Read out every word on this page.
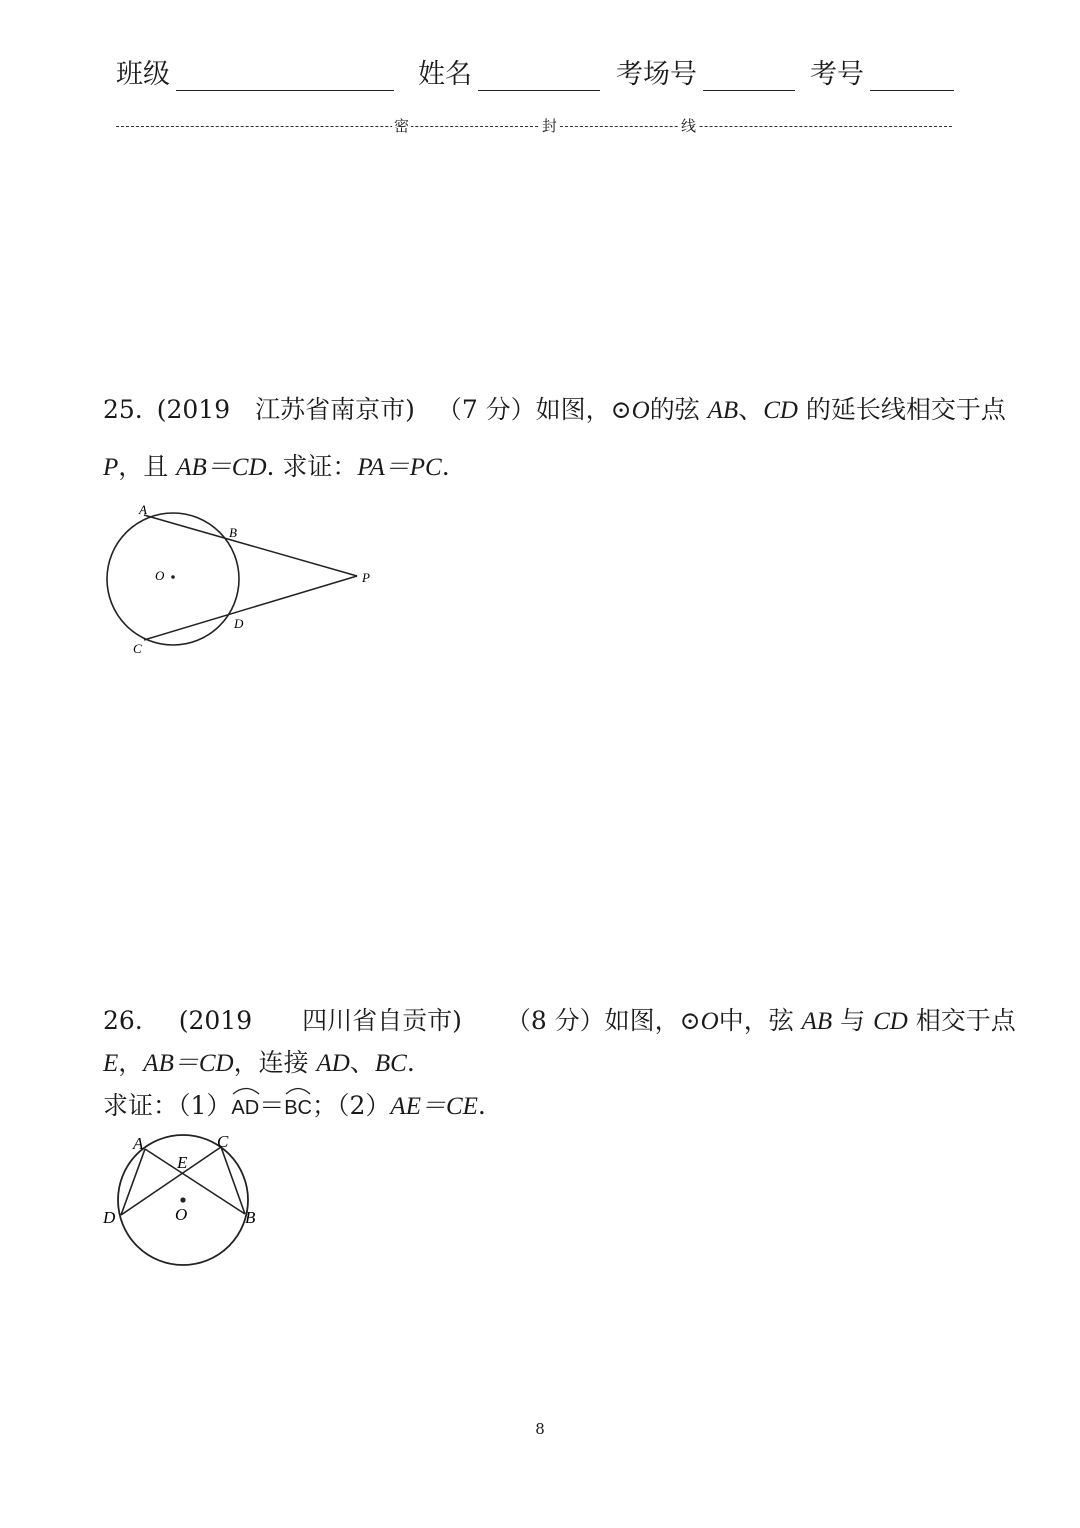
班级	姓名	考场号	考号
密	封	线
25. (2019　江苏省南京市) （7 分）如图，⊙O的弦 AB、CD 的延长线相交于点
P，且 AB＝CD. 求证：PA＝PC.
A
B
C
D
O	P
26. (2019　　四川省自贡市) （8 分）如图，⊙O中，弦 AB 与 CD 相交于点
E，AB＝CD，连接 AD、BC.
求证：（1）
AD＝
BC；（2）AE＝CE.
A	C
E
D	B
O
8
